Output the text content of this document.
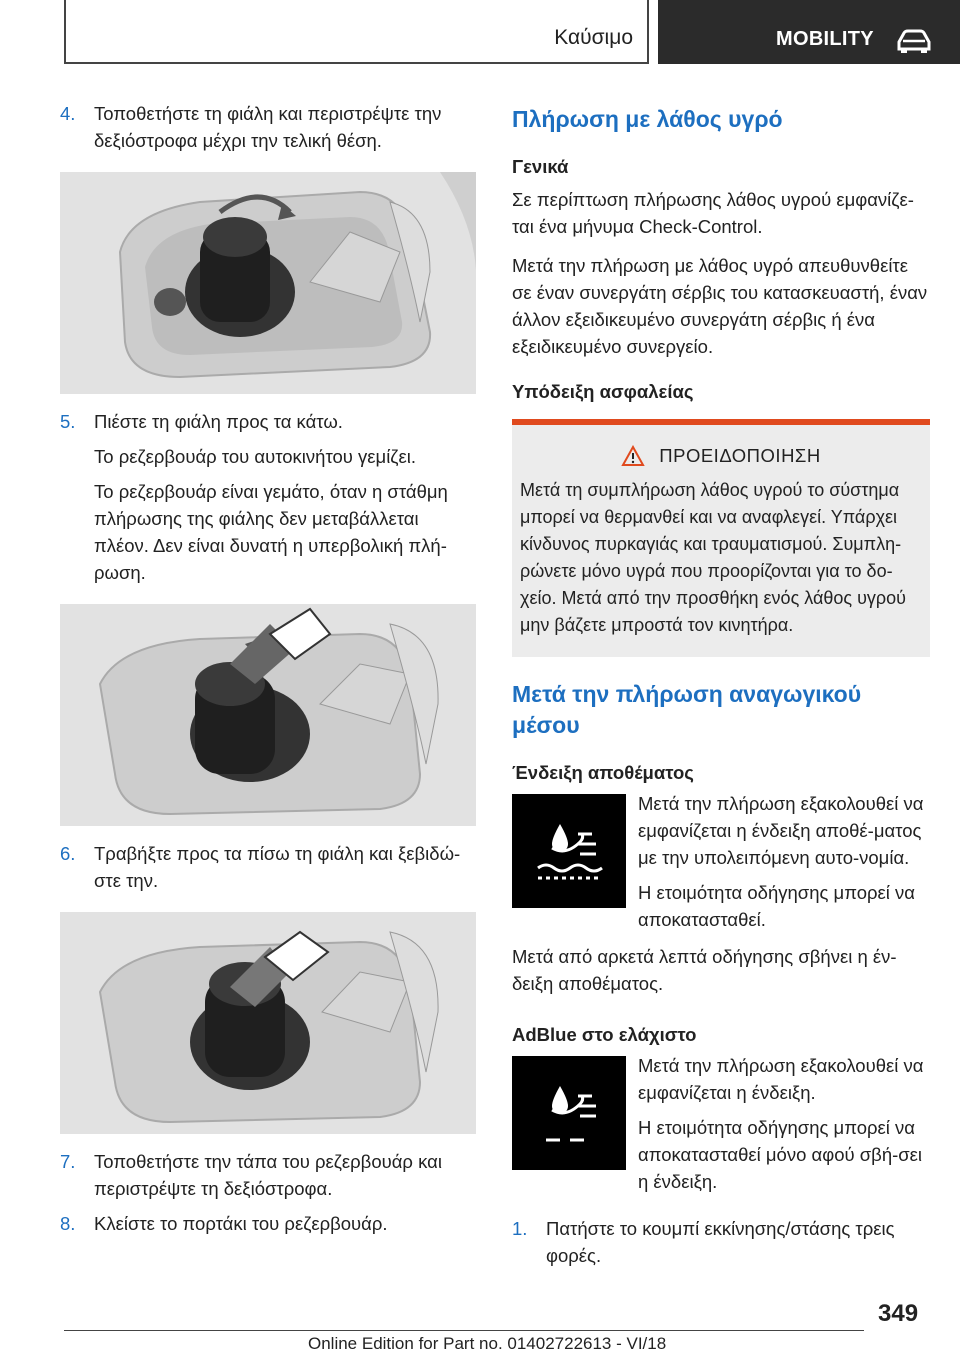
Καύσιμο	MOBILITY
4.	Τοποθετήστε τη φιάλη και περιστρέψτε την δεξιόστροφα μέχρι την τελική θέση.
5.	Πιέστε τη φιάλη προς τα κάτω.
Το ρεζερβουάρ του αυτοκινήτου γεμίζει.
Το ρεζερβουάρ είναι γεμάτο, όταν η στάθμη πλήρωσης της φιάλης δεν μεταβάλλεται πλέον. Δεν είναι δυνατή η υπερβολική πλή-ρωση.
6.	Τραβήξτε προς τα πίσω τη φιάλη και ξεβιδώ-στε την.
7.	Τοποθετήστε την τάπα του ρεζερβουάρ και περιστρέψτε τη δεξιόστροφα.
8.	Κλείστε το πορτάκι του ρεζερβουάρ.
Πλήρωση με λάθος υγρό
Γενικά

Σε περίπτωση πλήρωσης λάθος υγρού εμφανίζε-ται ένα μήνυμα Check-Control.

Μετά την πλήρωση με λάθος υγρό απευθυνθείτε σε έναν συνεργάτη σέρβις του κατασκευαστή, έναν άλλον εξειδικευμένο συνεργάτη σέρβις ή ένα εξειδικευμένο συνεργείο.

Υπόδειξη ασφαλείας
ΠΡΟΕΙΔΟΠΟΙΗΣΗ

Μετά τη συμπλήρωση λάθος υγρού το σύστημα μπορεί να θερμανθεί και να αναφλεγεί. Υπάρχει κίνδυνος πυρκαγιάς και τραυματισμού. Συμπλη-ρώνετε μόνο υγρά που προορίζονται για το δο-χείο. Μετά από την προσθήκη ενός λάθος υγρού μην βάζετε μπροστά τον κινητήρα.

Μετά την πλήρωση αναγωγικού μέσου
Ένδειξη αποθέματος

Μετά την πλήρωση εξακολουθεί να εμφανίζεται η ένδειξη αποθέ-ματος με την υπολειπόμενη αυτο-νομία.

Η ετοιμότητα οδήγησης μπορεί να αποκατασταθεί.

Μετά από αρκετά λεπτά οδήγησης σβήνει η έν-δειξη αποθέματος.

AdBlue στο ελάχιστο

Μετά την πλήρωση εξακολουθεί να εμφανίζεται η ένδειξη.

Η ετοιμότητα οδήγησης μπορεί να αποκατασταθεί μόνο αφού σβή-σει η ένδειξη.

1.	Πατήστε το κουμπί εκκίνησης/στάσης τρεις φορές.
349
Online Edition for Part no. 01402722613 - VI/18
